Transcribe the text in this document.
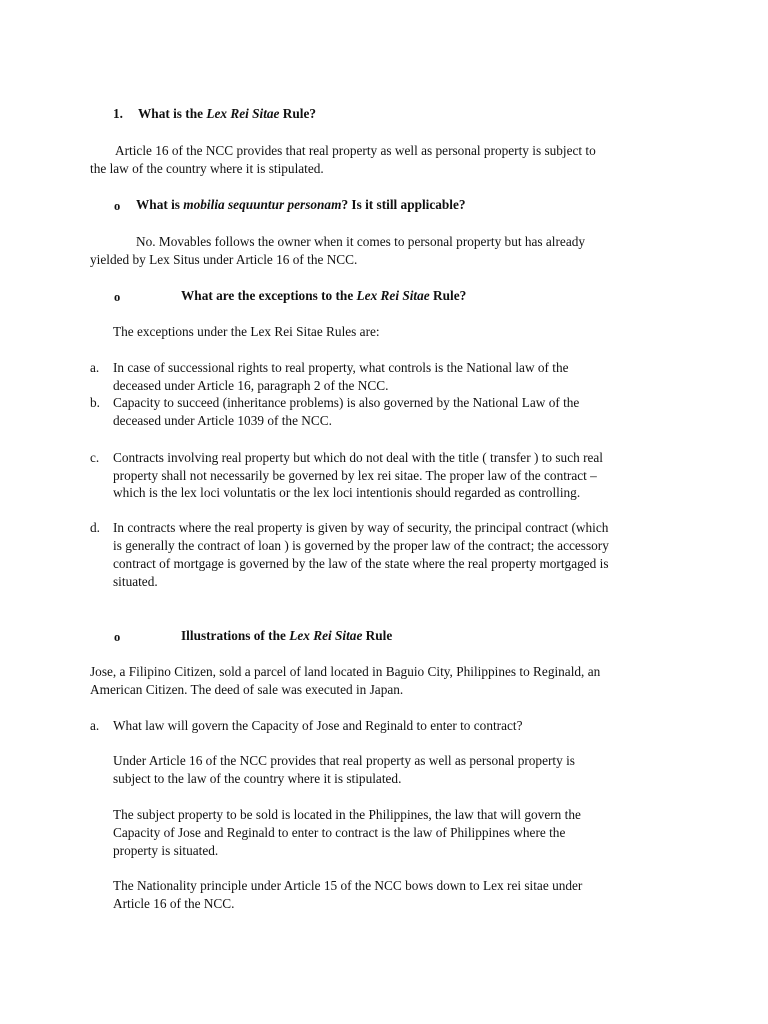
1. What is the Lex Rei Sitae Rule?
Article 16 of the NCC provides that real property as well as personal property is subject to
the law of the country where it is stipulated.
o What is mobilia sequuntur personam? Is it still applicable?
No. Movables follows the owner when it comes to personal property but has already
yielded by Lex Situs under Article 16 of the NCC.
o	What are the exceptions to the Lex Rei Sitae Rule?
The exceptions under the Lex Rei Sitae Rules are:
a. In case of successional rights to real property, what controls is the National law of the
deceased under Article 16, paragraph 2 of the NCC.
b. Capacity to succeed (inheritance problems) is also governed by the National Law of the
deceased under Article 1039 of the NCC.
c. Contracts involving real property but which do not deal with the title ( transfer ) to such real
property shall not necessarily be governed by lex rei sitae. The proper law of the contract –
which is the lex loci voluntatis or the lex loci intentionis should regarded as controlling.
d. In contracts where the real property is given by way of security, the principal contract (which
is generally the contract of loan ) is governed by the proper law of the contract; the accessory
contract of mortgage is governed by the law of the state where the real property mortgaged is
situated.
o	Illustrations of the Lex Rei Sitae Rule
Jose, a Filipino Citizen, sold a parcel of land located in Baguio City, Philippines to Reginald, an
American Citizen. The deed of sale was executed in Japan.
a. What law will govern the Capacity of Jose and Reginald to enter to contract?
Under Article 16 of the NCC provides that real property as well as personal property is
subject to the law of the country where it is stipulated.
The subject property to be sold is located in the Philippines, the law that will govern the
Capacity of Jose and Reginald to enter to contract is the law of Philippines where the
property is situated.
The Nationality principle under Article 15 of the NCC bows down to Lex rei sitae under
Article 16 of the NCC.
